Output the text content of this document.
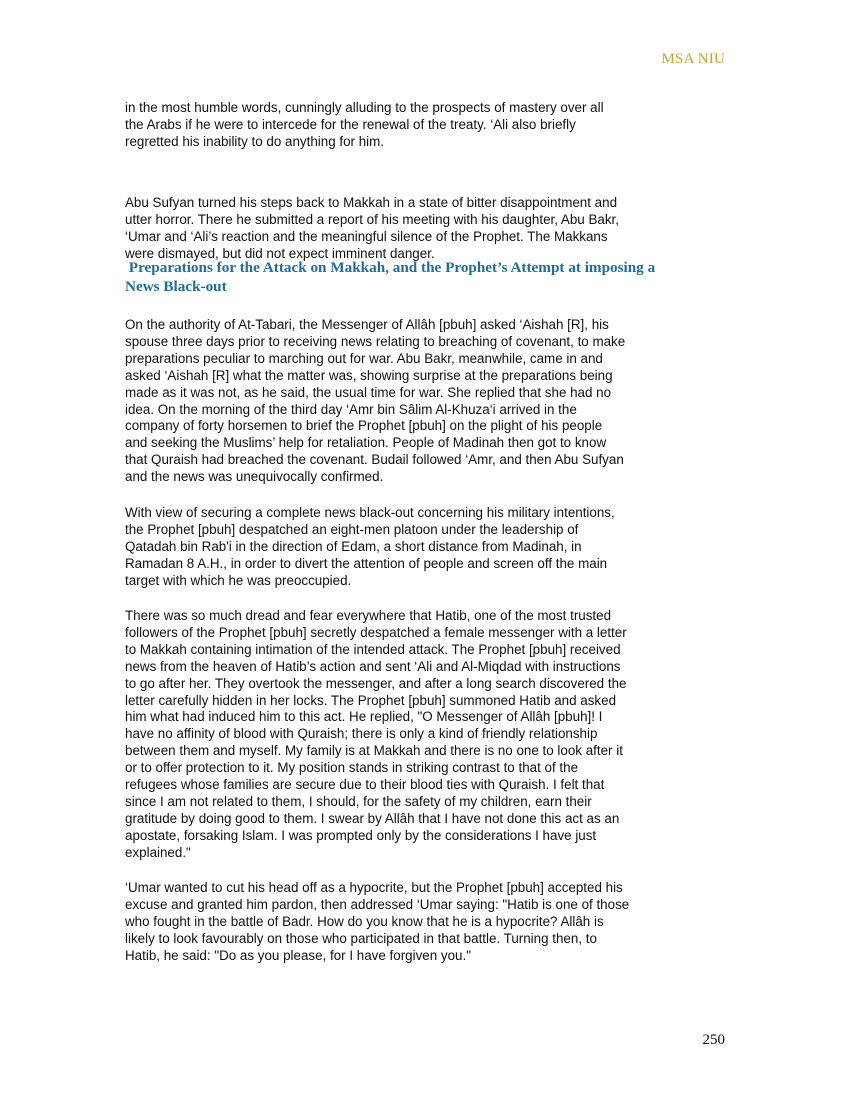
MSA NIU

in the most humble words, cunningly alluding to the prospects of mastery over all
the Arabs if he were to intercede for the renewal of the treaty. ‘Ali also briefly
regretted his inability to do anything for him.

Abu Sufyan turned his steps back to Makkah in a state of bitter disappointment and
utter horror. There he submitted a report of his meeting with his daughter, Abu Bakr,
‘Umar and ‘Ali’s reaction and the meaningful silence of the Prophet. The Makkans
were dismayed, but did not expect imminent danger.

Preparations for the Attack on Makkah, and the Prophet’s Attempt at imposing a
News Black-out

On the authority of At-Tabari, the Messenger of Allâh [pbuh] asked ‘Aishah [R], his
spouse three days prior to receiving news relating to breaching of covenant, to make
preparations peculiar to marching out for war. Abu Bakr, meanwhile, came in and
asked ‘Aishah [R] what the matter was, showing surprise at the preparations being
made as it was not, as he said, the usual time for war. She replied that she had no
idea. On the morning of the third day ‘Amr bin Sâlim Al-Khuza‘i arrived in the
company of forty horsemen to brief the Prophet [pbuh] on the plight of his people
and seeking the Muslims’ help for retaliation. People of Madinah then got to know
that Quraish had breached the covenant. Budail followed ‘Amr, and then Abu Sufyan
and the news was unequivocally confirmed.

With view of securing a complete news black-out concerning his military intentions,
the Prophet [pbuh] despatched an eight-men platoon under the leadership of
Qatadah bin Rab'i in the direction of Edam, a short distance from Madinah, in
Ramadan 8 A.H., in order to divert the attention of people and screen off the main
target with which he was preoccupied.

There was so much dread and fear everywhere that Hatib, one of the most trusted
followers of the Prophet [pbuh] secretly despatched a female messenger with a letter
to Makkah containing intimation of the intended attack. The Prophet [pbuh] received
news from the heaven of Hatib’s action and sent ‘Ali and Al-Miqdad with instructions
to go after her. They overtook the messenger, and after a long search discovered the
letter carefully hidden in her locks. The Prophet [pbuh] summoned Hatib and asked
him what had induced him to this act. He replied, "O Messenger of Allâh [pbuh]! I
have no affinity of blood with Quraish; there is only a kind of friendly relationship
between them and myself. My family is at Makkah and there is no one to look after it
or to offer protection to it. My position stands in striking contrast to that of the
refugees whose families are secure due to their blood ties with Quraish. I felt that
since I am not related to them, I should, for the safety of my children, earn their
gratitude by doing good to them. I swear by Allâh that I have not done this act as an
apostate, forsaking Islam. I was prompted only by the considerations I have just
explained."

‘Umar wanted to cut his head off as a hypocrite, but the Prophet [pbuh] accepted his
excuse and granted him pardon, then addressed ‘Umar saying: "Hatib is one of those
who fought in the battle of Badr. How do you know that he is a hypocrite? Allâh is
likely to look favourably on those who participated in that battle. Turning then, to
Hatib, he said: "Do as you please, for I have forgiven you."

250
